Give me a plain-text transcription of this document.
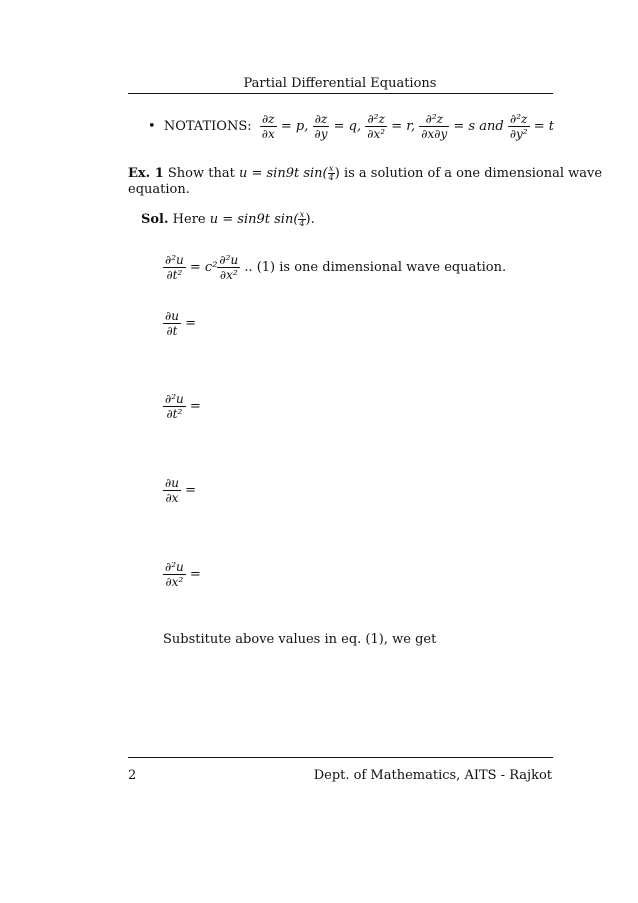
Partial Differential Equations
• NOTATIONS: $\frac{\partial z}{\partial x} = p$, $\frac{\partial z}{\partial y} = q$, $\frac{\text{∂²z}}{\text{∂x²}} = r$, $\frac{\text{∂²z}}{\partial x\partial y} = s$ and $\frac{\text{∂²z}}{\text{∂y²}} = t$
Ex. 1 Show that u = sin9t $\sin( \frac{x}{4}$ ) is a solution of a one dimensional wave
equation.
Sol. Here u = sin9t $\sin( \frac{x}{4}$ ).
$\frac{\text{∂²u}}{\text{∂t²}} = c^2 \frac{\text{∂²u}}{\text{∂x²}}$ .. (1) is one dimensional wave equation.
$\frac{\partial u}{\partial t}$ =
$\frac{\text{∂²u}}{\text{∂t²}}$ =
$\frac{\partial u}{\partial x}$ =
$\frac{\text{∂²u}}{\text{∂x²}}$ =
Substitute above values in eq. (1), we get
2	Dept. of Mathematics, AITS - Rajkot
